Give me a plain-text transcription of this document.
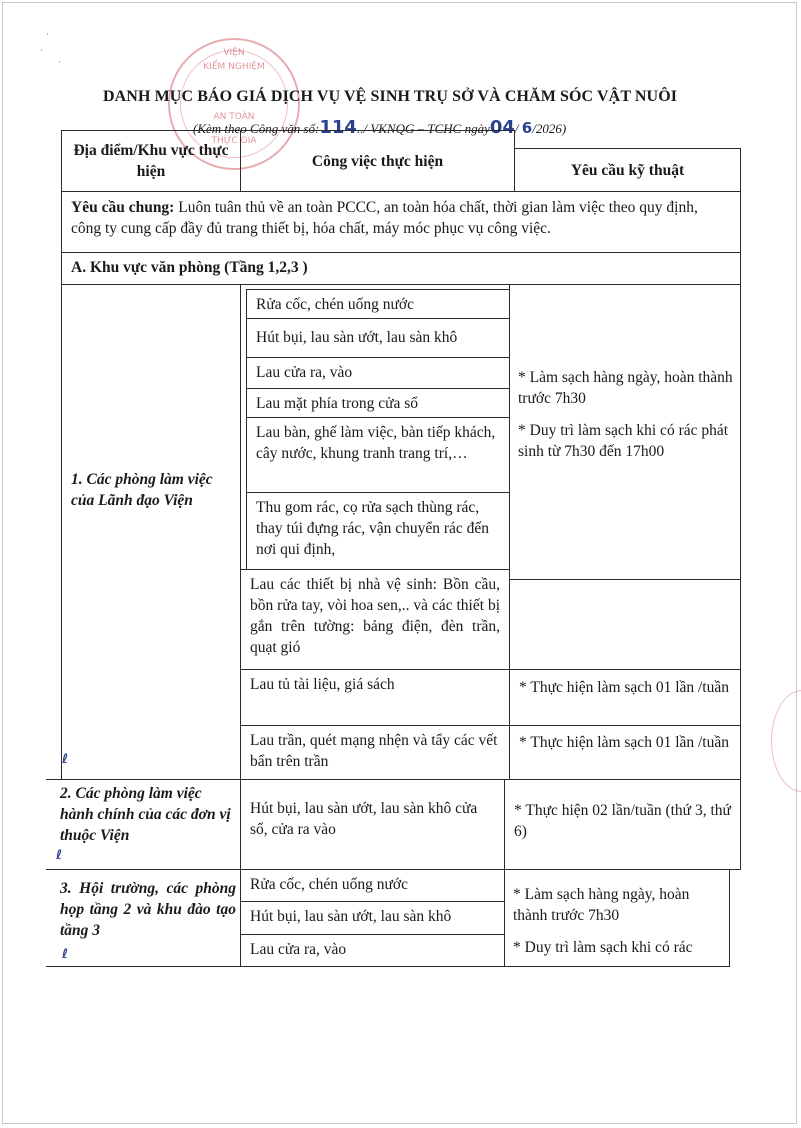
·
·
·
VIỆN
KIỂM NGHIỆM
AN TOÀN
THỰC GIA
DANH MỤC BÁO GIÁ DỊCH VỤ VỆ SINH TRỤ SỞ VÀ CHĂM SÓC VẬT NUÔI
(Kèm theo Công văn số:114../ VKNQG – TCHC ngày04/ 6/2026)
Địa điểm/Khu vực thực hiện
Công việc thực hiện
Yêu cầu kỹ thuật
Yêu cầu chung: Luôn tuân thủ về an toàn PCCC, an toàn hóa chất, thời gian làm việc theo quy định, công ty cung cấp đầy đủ trang thiết bị, hóa chất, máy móc phục vụ công việc.
A. Khu vực văn phòng (Tầng 1,2,3 )
1. Các phòng làm việc của Lãnh đạo Viện
Rửa cốc, chén uống nước
Hút bụi, lau sàn ướt, lau sàn khô
Lau cửa ra, vào
Lau mặt phía trong cửa sổ
Lau bàn, ghế làm việc, bàn tiếp khách, cây nước, khung tranh trang trí,…
Thu gom rác, cọ rửa sạch thùng rác, thay túi đựng rác, vận chuyển rác đến nơi qui định,
Lau các thiết bị nhà vệ sinh: Bồn cầu, bồn rửa tay, vòi hoa sen,.. và các thiết bị gắn trên tường: bảng điện, đèn trần, quạt gió
Lau tủ tài liệu, giá sách
Lau trần, quét mạng nhện và tẩy các vết bẩn trên trần
* Làm sạch hàng ngày, hoàn thành trước 7h30
* Duy trì làm sạch khi có rác phát sinh từ 7h30 đến 17h00
* Thực hiện làm sạch 01 lần /tuần
* Thực hiện làm sạch 01 lần /tuần
ℓ
2. Các phòng làm việc hành chính của các đơn vị thuộc Viện
Hút bụi, lau sàn ướt, lau sàn khô cửa sổ, cửa ra vào
* Thực hiện 02 lần/tuần (thứ 3, thứ 6)
ℓ
3. Hội trường, các phòng họp tầng 2 và khu đào tạo tầng 3
Rửa cốc, chén uống nước
Hút bụi, lau sàn ướt, lau sàn khô
Lau cửa ra, vào
* Làm sạch hàng ngày, hoàn thành trước 7h30
* Duy trì làm sạch khi có rác
ℓ
